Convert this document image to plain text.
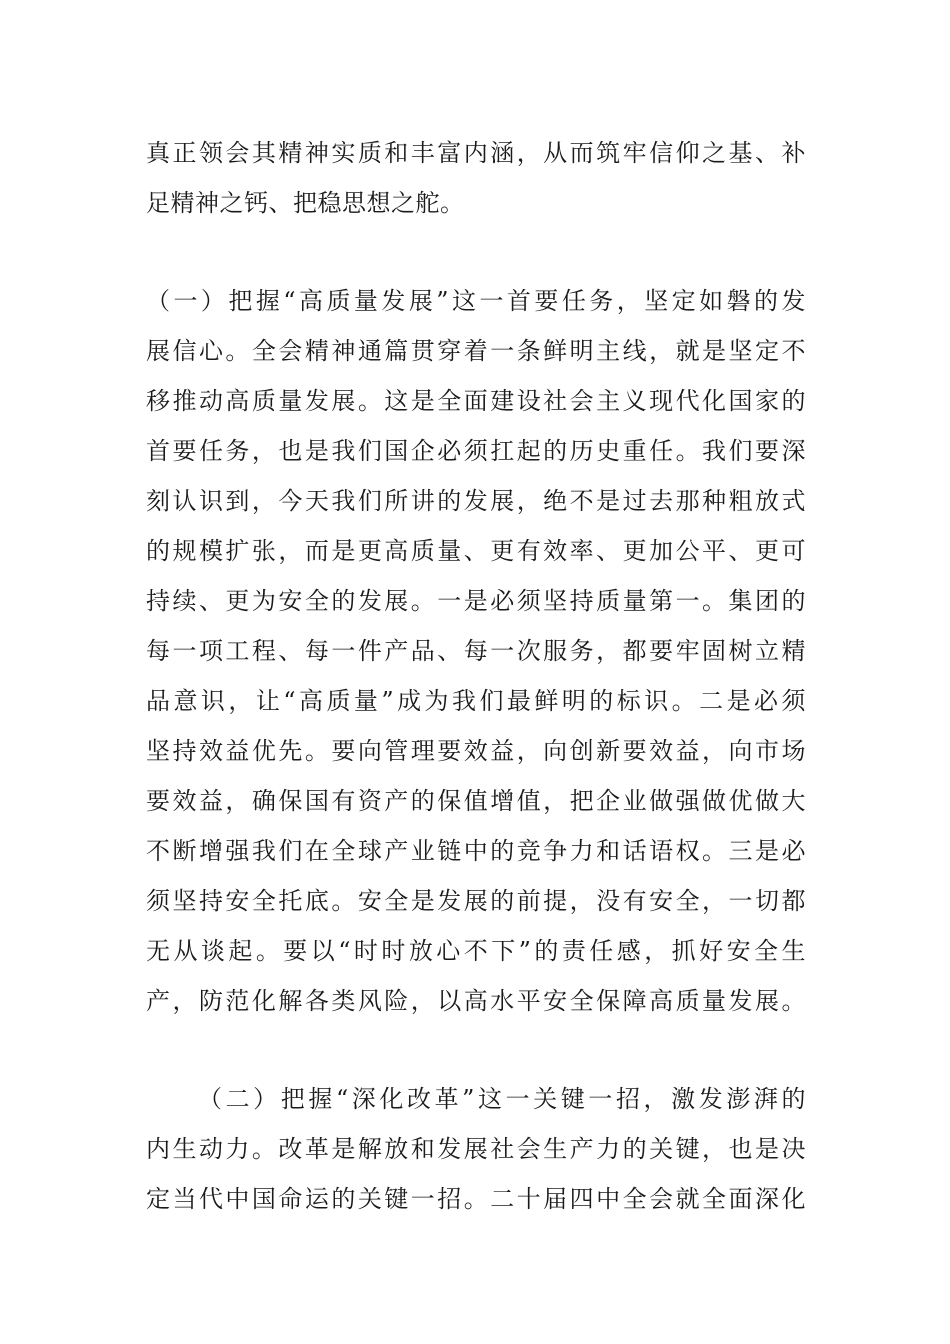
真正领会其精神实质和丰富内涵，从而筑牢信仰之基、补

足精神之钙、把稳思想之舵。

（一）把握“高质量发展”这一首要任务，坚定如磐的发

展信心。全会精神通篇贯穿着一条鲜明主线，就是坚定不

移推动高质量发展。这是全面建设社会主义现代化国家的

首要任务，也是我们国企必须扛起的历史重任。我们要深

刻认识到，今天我们所讲的发展，绝不是过去那种粗放式

的规模扩张，而是更高质量、更有效率、更加公平、更可

持续、更为安全的发展。一是必须坚持质量第一。集团的

每一项工程、每一件产品、每一次服务，都要牢固树立精

品意识，让“高质量”成为我们最鲜明的标识。二是必须

坚持效益优先。要向管理要效益，向创新要效益，向市场

要效益，确保国有资产的保值增值，把企业做强做优做大

不断增强我们在全球产业链中的竞争力和话语权。三是必

须坚持安全托底。安全是发展的前提，没有安全，一切都

无从谈起。要以“时时放心不下”的责任感，抓好安全生

产，防范化解各类风险，以高水平安全保障高质量发展。

（二）把握“深化改革”这一关键一招，激发澎湃的

内生动力。改革是解放和发展社会生产力的关键，也是决

定当代中国命运的关键一招。二十届四中全会就全面深化
